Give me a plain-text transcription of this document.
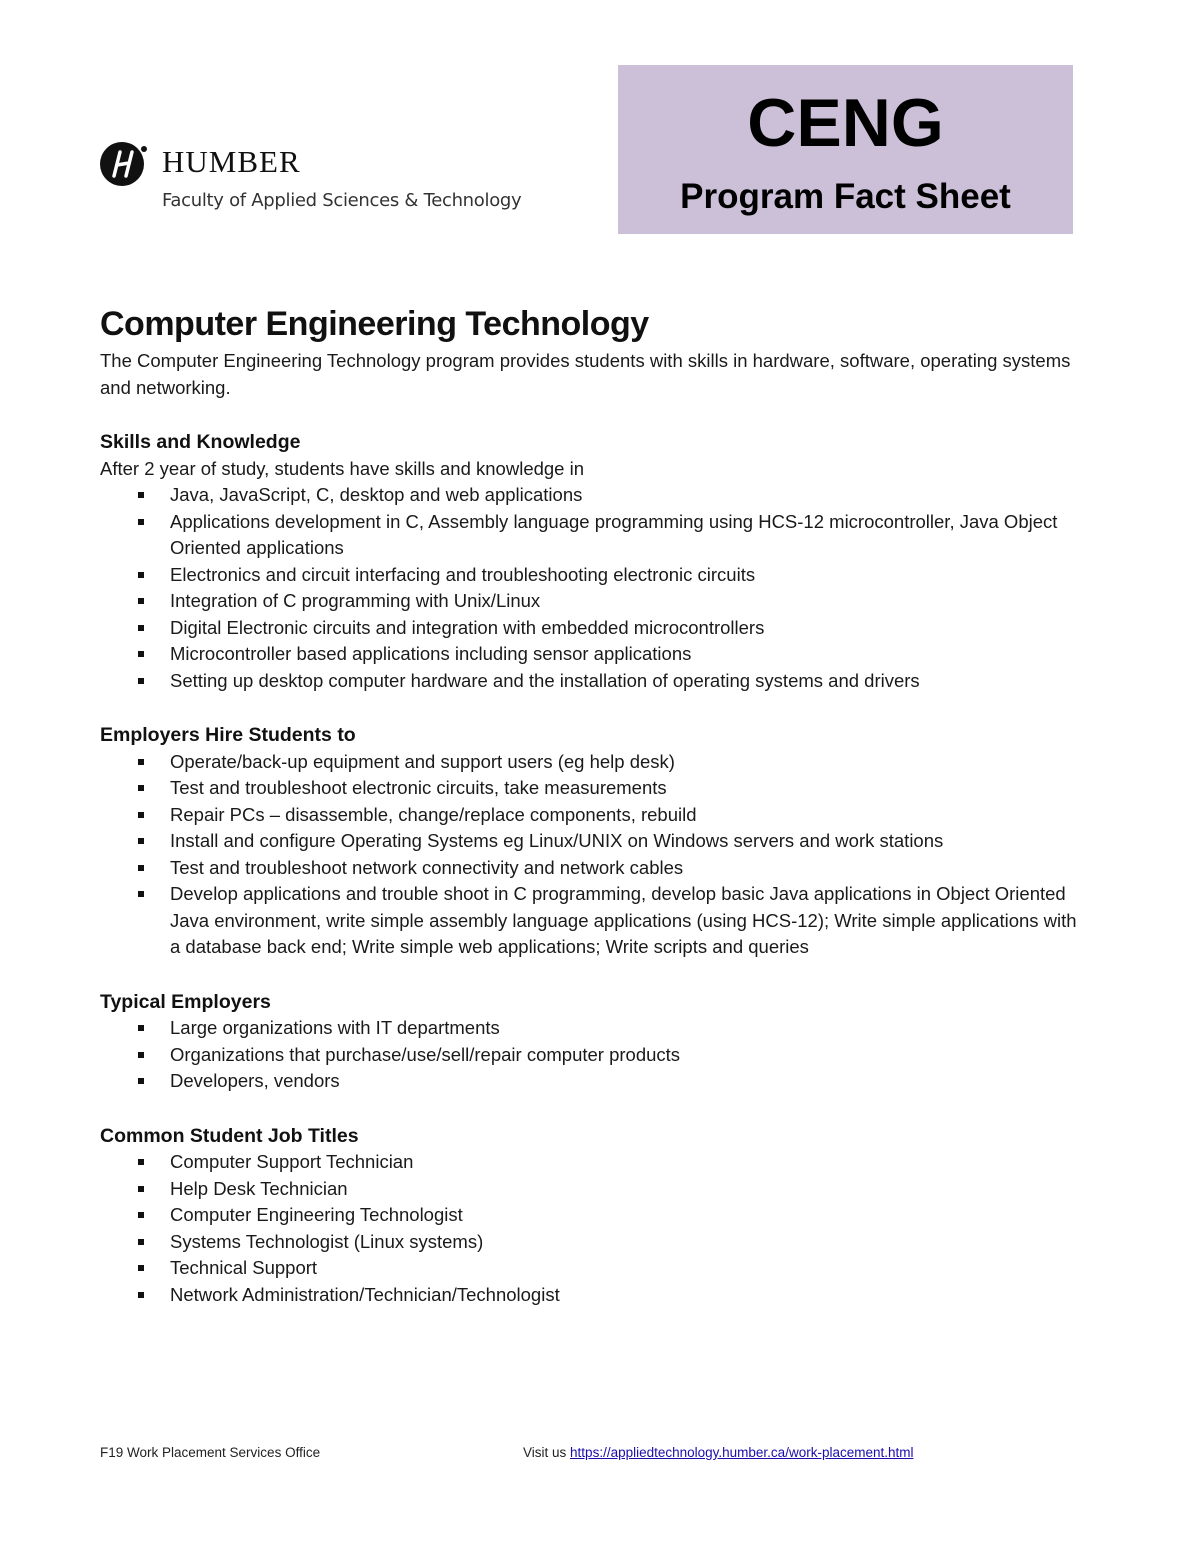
HUMBER
Faculty of Applied Sciences & Technology
CENG
Program Fact Sheet
Computer Engineering Technology

The Computer Engineering Technology program provides students with skills in hardware, software, operating systems and networking.

Skills and Knowledge

After 2 year of study, students have skills and knowledge in

Java, JavaScript, C, desktop and web applications
Applications development in C, Assembly language programming using HCS-12 microcontroller, Java Object Oriented applications
Electronics and circuit interfacing and troubleshooting electronic circuits
Integration of C programming with Unix/Linux
Digital Electronic circuits and integration with embedded microcontrollers
Microcontroller based applications including sensor applications
Setting up desktop computer hardware and the installation of operating systems and drivers
Employers Hire Students to
Operate/back-up equipment and support users (eg help desk)
Test and troubleshoot electronic circuits, take measurements
Repair PCs – disassemble, change/replace components, rebuild
Install and configure Operating Systems eg Linux/UNIX on Windows servers and work stations
Test and troubleshoot network connectivity and network cables
Develop applications and trouble shoot in C programming, develop basic Java applications in Object Oriented Java environment, write simple assembly language applications (using HCS-12); Write simple applications with a database back end; Write simple web applications; Write scripts and queries
Typical Employers
Large organizations with IT departments
Organizations that purchase/use/sell/repair computer products
Developers, vendors
Common Student Job Titles
Computer Support Technician
Help Desk Technician
Computer Engineering Technologist
Systems Technologist (Linux systems)
Technical Support
Network Administration/Technician/Technologist
F19 Work Placement Services Office	Visit us https://appliedtechnology.humber.ca/work-placement.html
